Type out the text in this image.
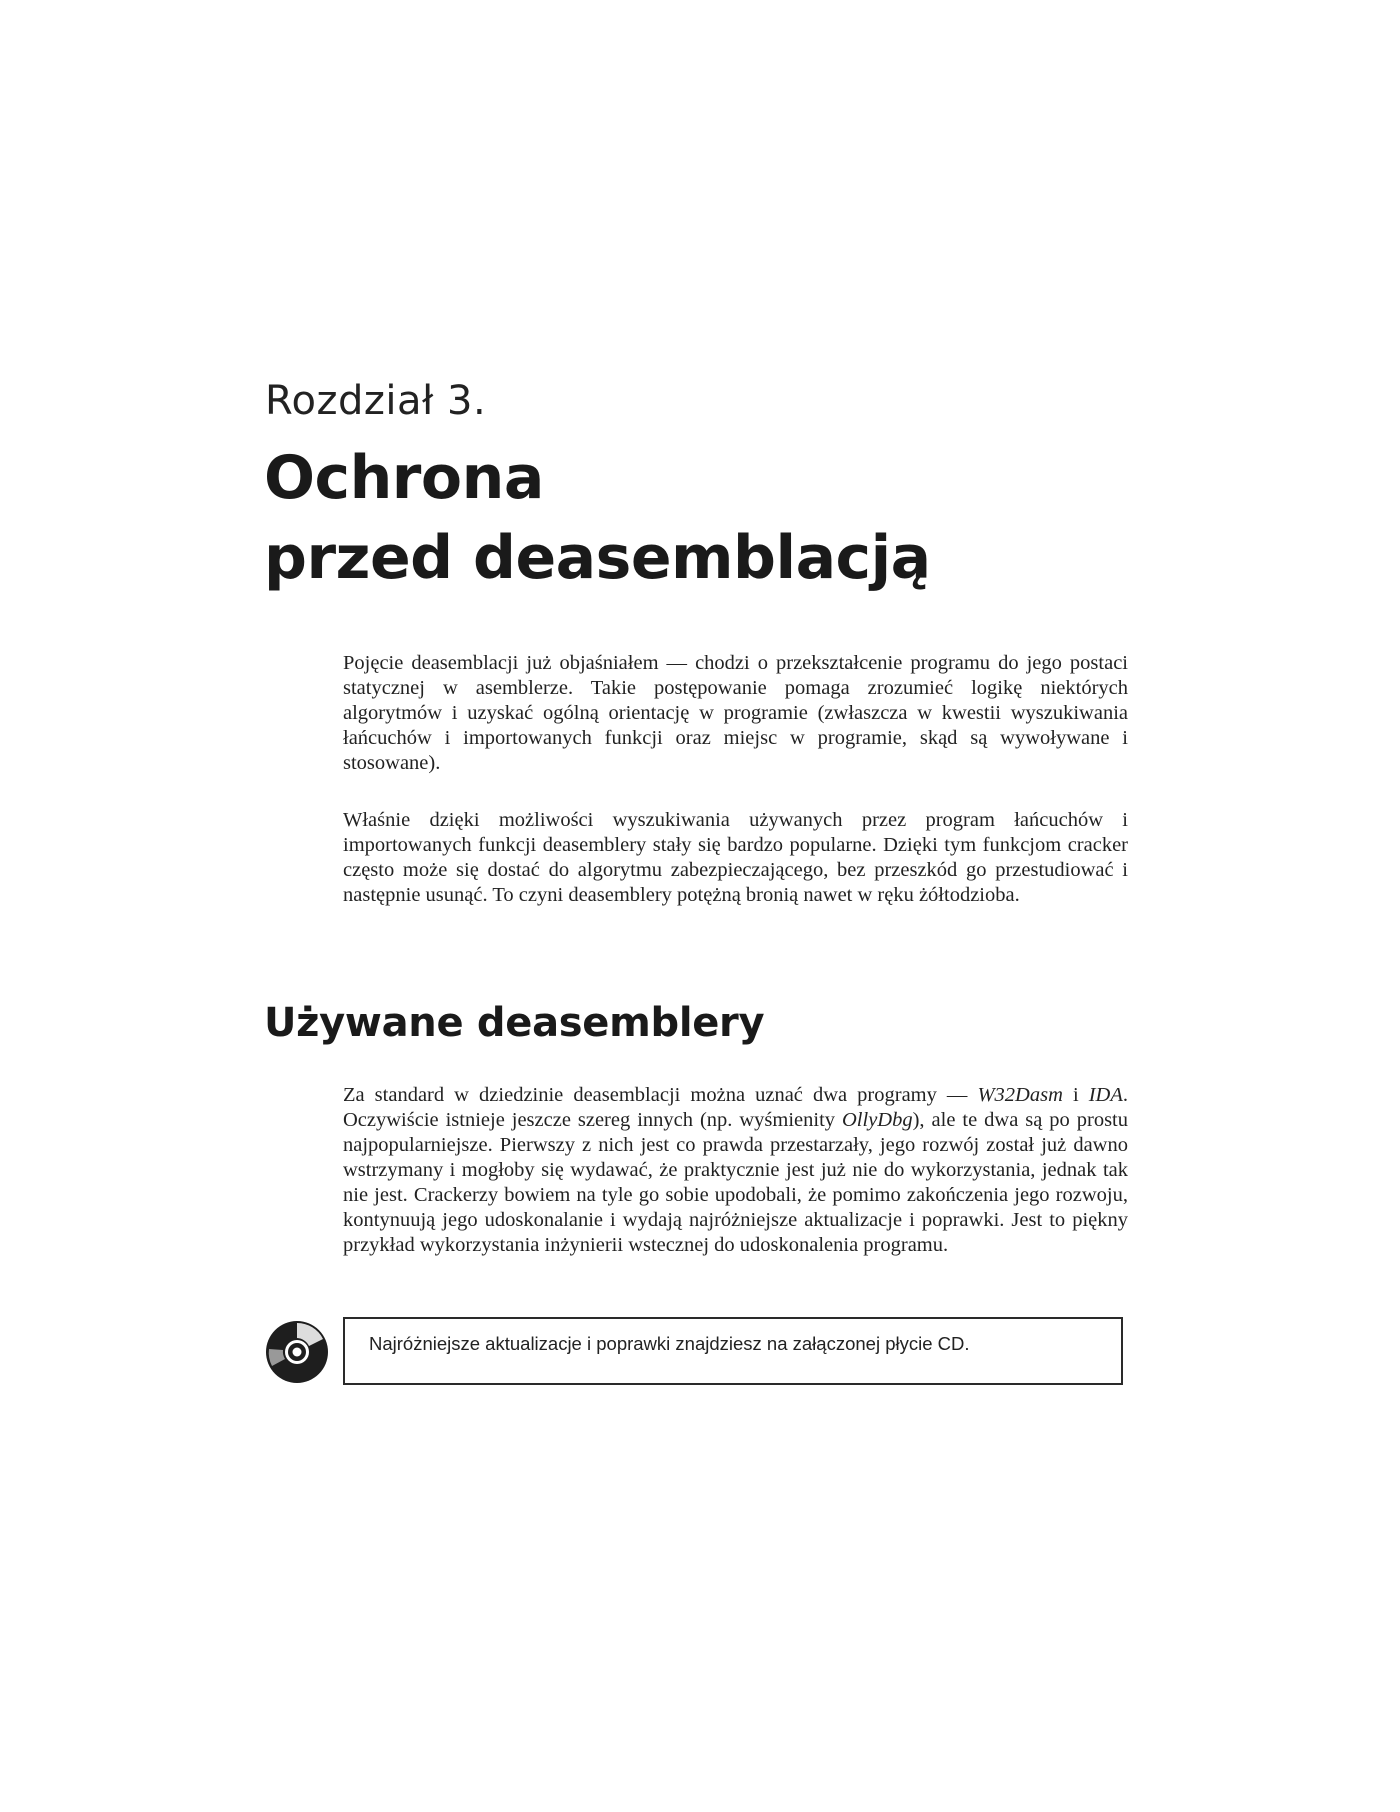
Rozdział 3.
Ochrona
przed deasemblacją

Pojęcie deasemblacji już objaśniałem — chodzi o przekształcenie programu do jego postaci statycznej w asemblerze. Takie postępowanie pomaga zrozumieć logikę niektórych algorytmów i uzyskać ogólną orientację w programie (zwłaszcza w kwestii wyszukiwania łańcuchów i importowanych funkcji oraz miejsc w programie, skąd są wywoływane i stosowane).

Właśnie dzięki możliwości wyszukiwania używanych przez program łańcuchów i importowanych funkcji deasemblery stały się bardzo popularne. Dzięki tym funkcjom cracker często może się dostać do algorytmu zabezpieczającego, bez przeszkód go przestudiować i następnie usunąć. To czyni deasemblery potężną bronią nawet w ręku żółtodzioba.

Używane deasemblery

Za standard w dziedzinie deasemblacji można uznać dwa programy — W32Dasm i IDA. Oczywiście istnieje jeszcze szereg innych (np. wyśmienity OllyDbg), ale te dwa są po prostu najpopularniejsze. Pierwszy z nich jest co prawda przestarzały, jego rozwój został już dawno wstrzymany i mogłoby się wydawać, że praktycznie jest już nie do wykorzystania, jednak tak nie jest. Crackerzy bowiem na tyle go sobie upodobali, że pomimo zakończenia jego rozwoju, kontynuują jego udoskonalanie i wydają najróżniejsze aktualizacje i poprawki. Jest to piękny przykład wykorzystania inżynierii wstecznej do udoskonalenia programu.

Najróżniejsze aktualizacje i poprawki znajdziesz na załączonej płycie CD.
